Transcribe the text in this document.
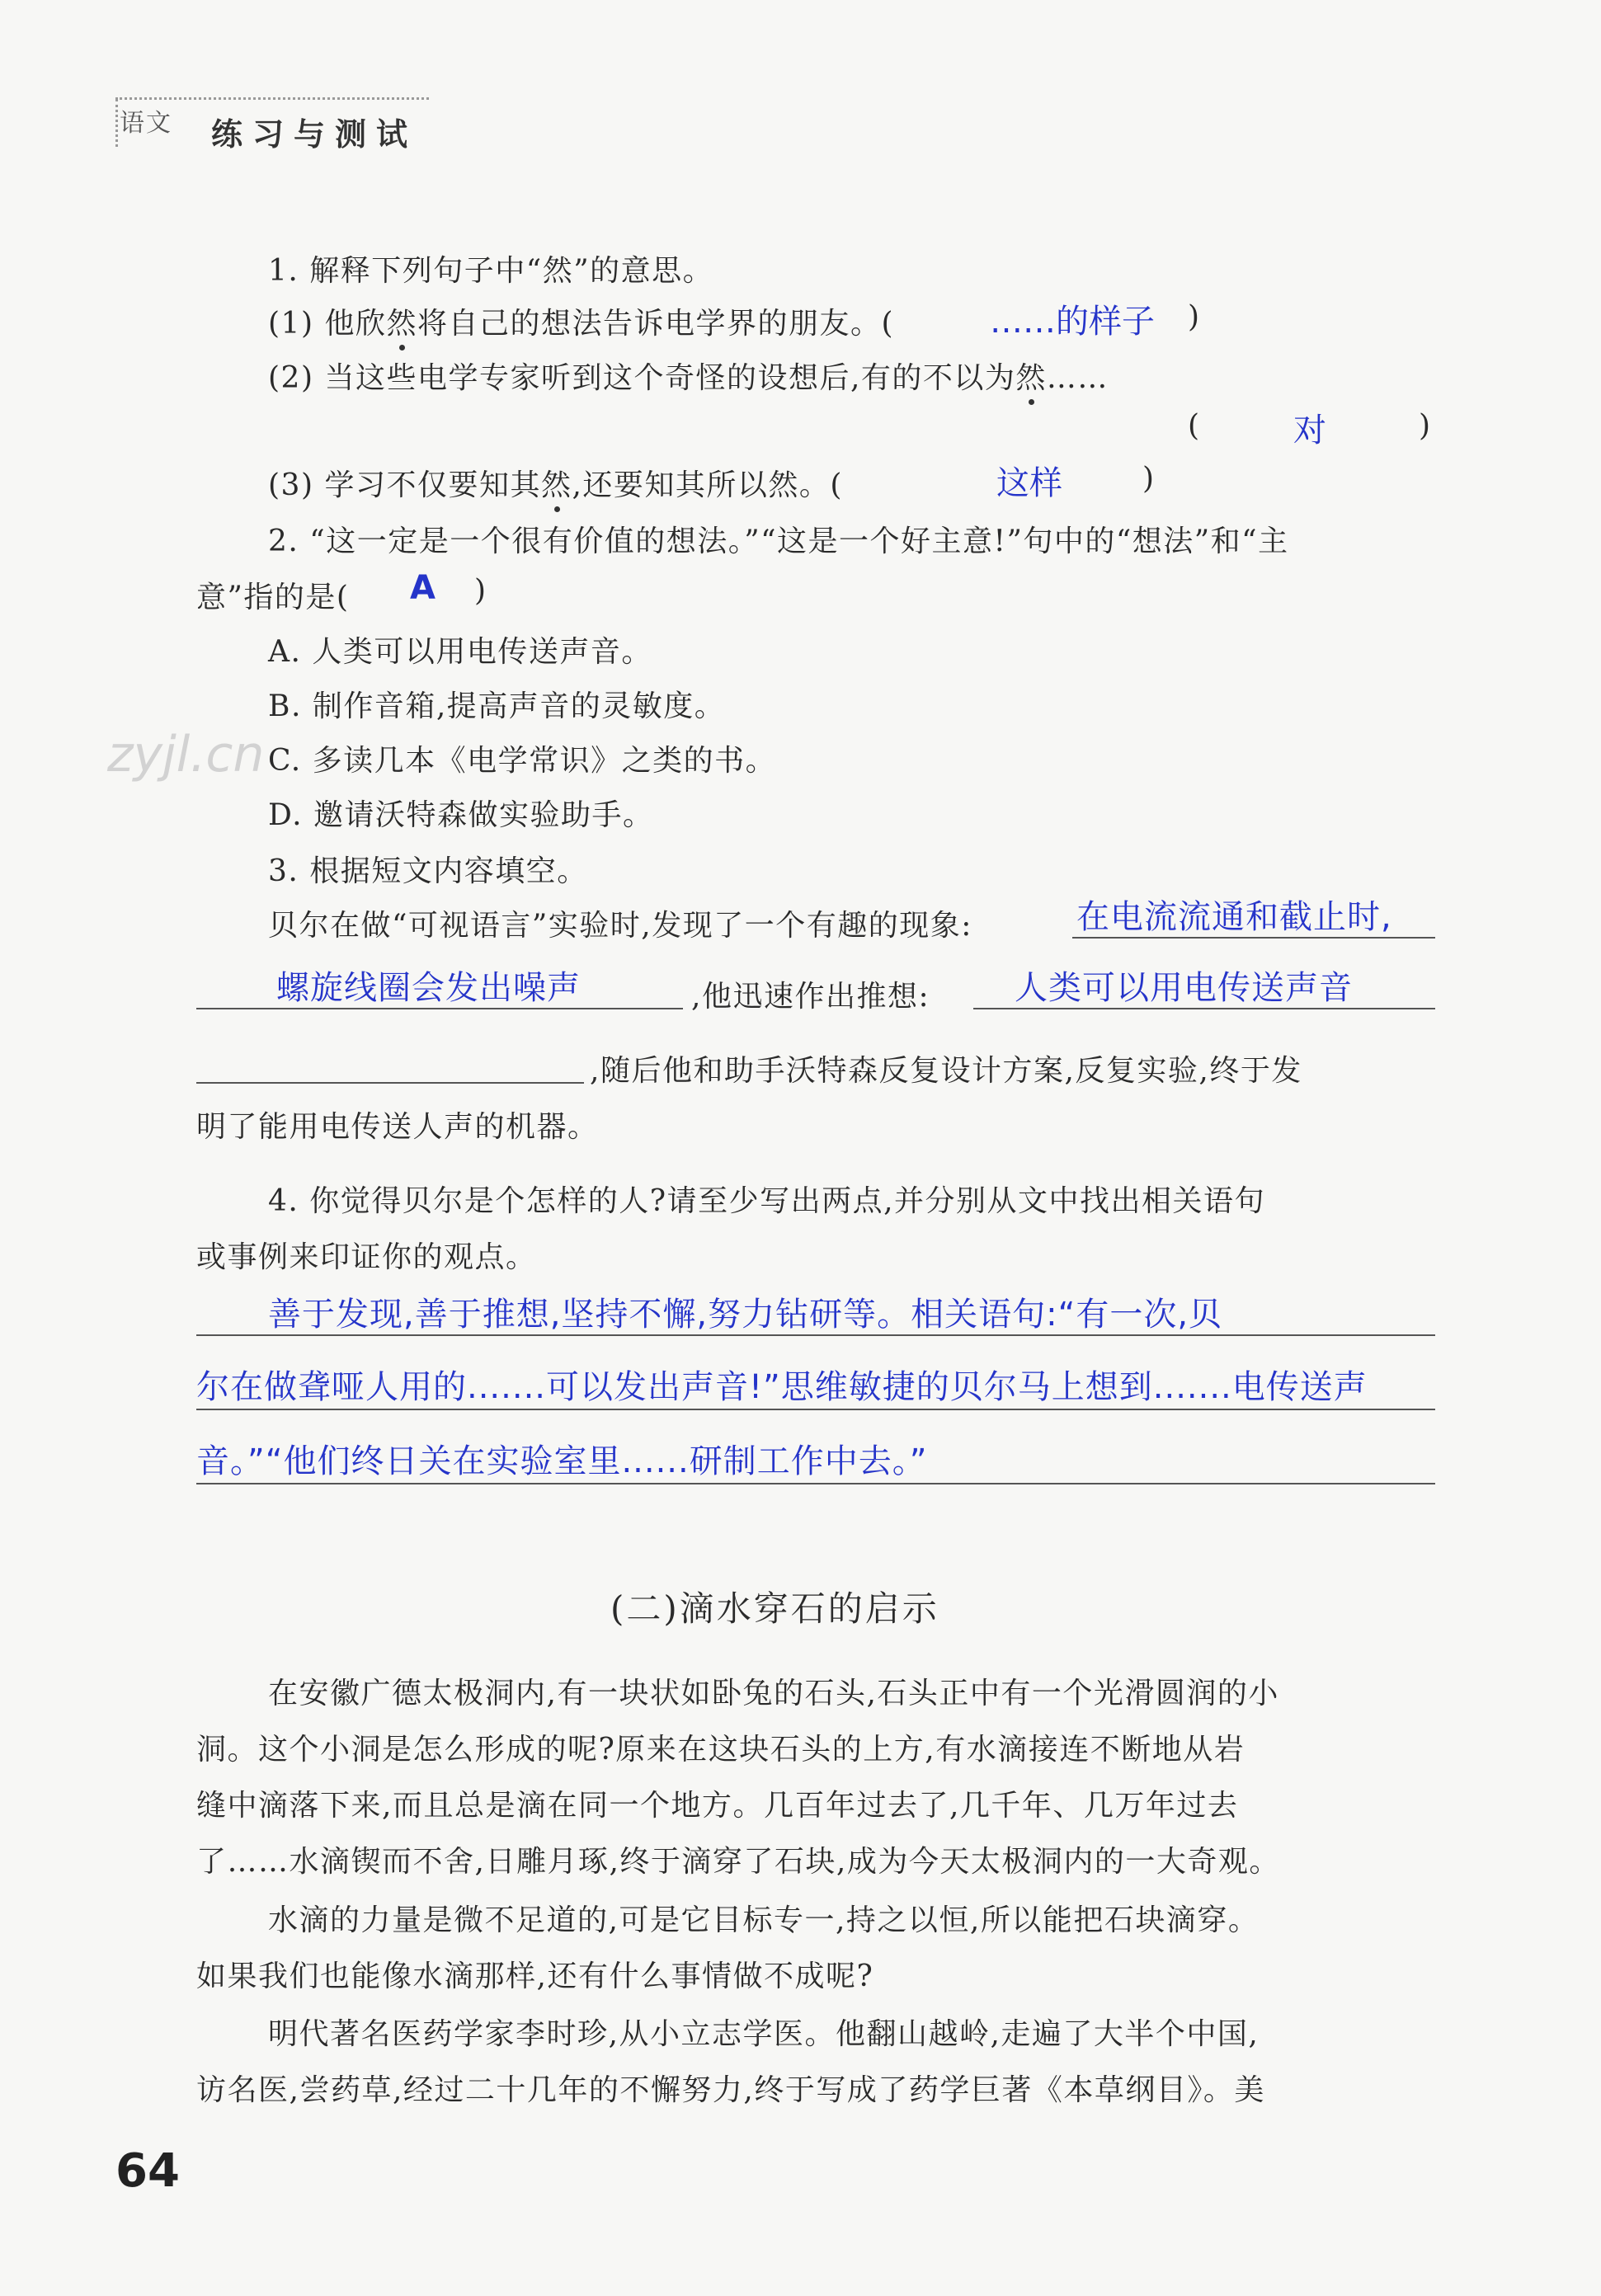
语文 练习与测试
1. 解释下列句子中“然”的意思。
(1) 他欣然将自己的想法告诉电学界的朋友。(	……的样子 )
(2) 当这些电学专家听到这个奇怪的设想后,有的不以为然……
(	对	)
(3) 学习不仅要知其然,还要知其所以然。(	这样	)
2. “这一定是一个很有价值的想法。”“这是一个好主意!”句中的“想法”和“主
意”指的是( A )
A. 人类可以用电传送声音。
B. 制作音箱,提高声音的灵敏度。
C. 多读几本《电学常识》之类的书。
D. 邀请沃特森做实验助手。
3. 根据短文内容填空。
贝尔在做“可视语言”实验时,发现了一个有趣的现象:	在电流流通和截止时,
螺旋线圈会发出噪声	,他迅速作出推想:	人类可以用电传送声音
,随后他和助手沃特森反复设计方案,反复实验,终于发
明了能用电传送人声的机器。
4. 你觉得贝尔是个怎样的人?请至少写出两点,并分别从文中找出相关语句
或事例来印证你的观点。
善于发现,善于推想,坚持不懈,努力钻研等。相关语句:“有一次,贝
尔在做聋哑人用的.......可以发出声音!”思维敏捷的贝尔马上想到.......电传送声
音。”“他们终日关在实验室里......研制工作中去。”
(二)滴水穿石的启示
在安徽广德太极洞内,有一块状如卧兔的石头,石头正中有一个光滑圆润的小
洞。这个小洞是怎么形成的呢?原来在这块石头的上方,有水滴接连不断地从岩
缝中滴落下来,而且总是滴在同一个地方。几百年过去了,几千年、几万年过去
了……水滴锲而不舍,日雕月琢,终于滴穿了石块,成为今天太极洞内的一大奇观。
水滴的力量是微不足道的,可是它目标专一,持之以恒,所以能把石块滴穿。
如果我们也能像水滴那样,还有什么事情做不成呢?
明代著名医药学家李时珍,从小立志学医。他翻山越岭,走遍了大半个中国,
访名医,尝药草,经过二十几年的不懈努力,终于写成了药学巨著《本草纲目》。美
zyjl.cn
64
